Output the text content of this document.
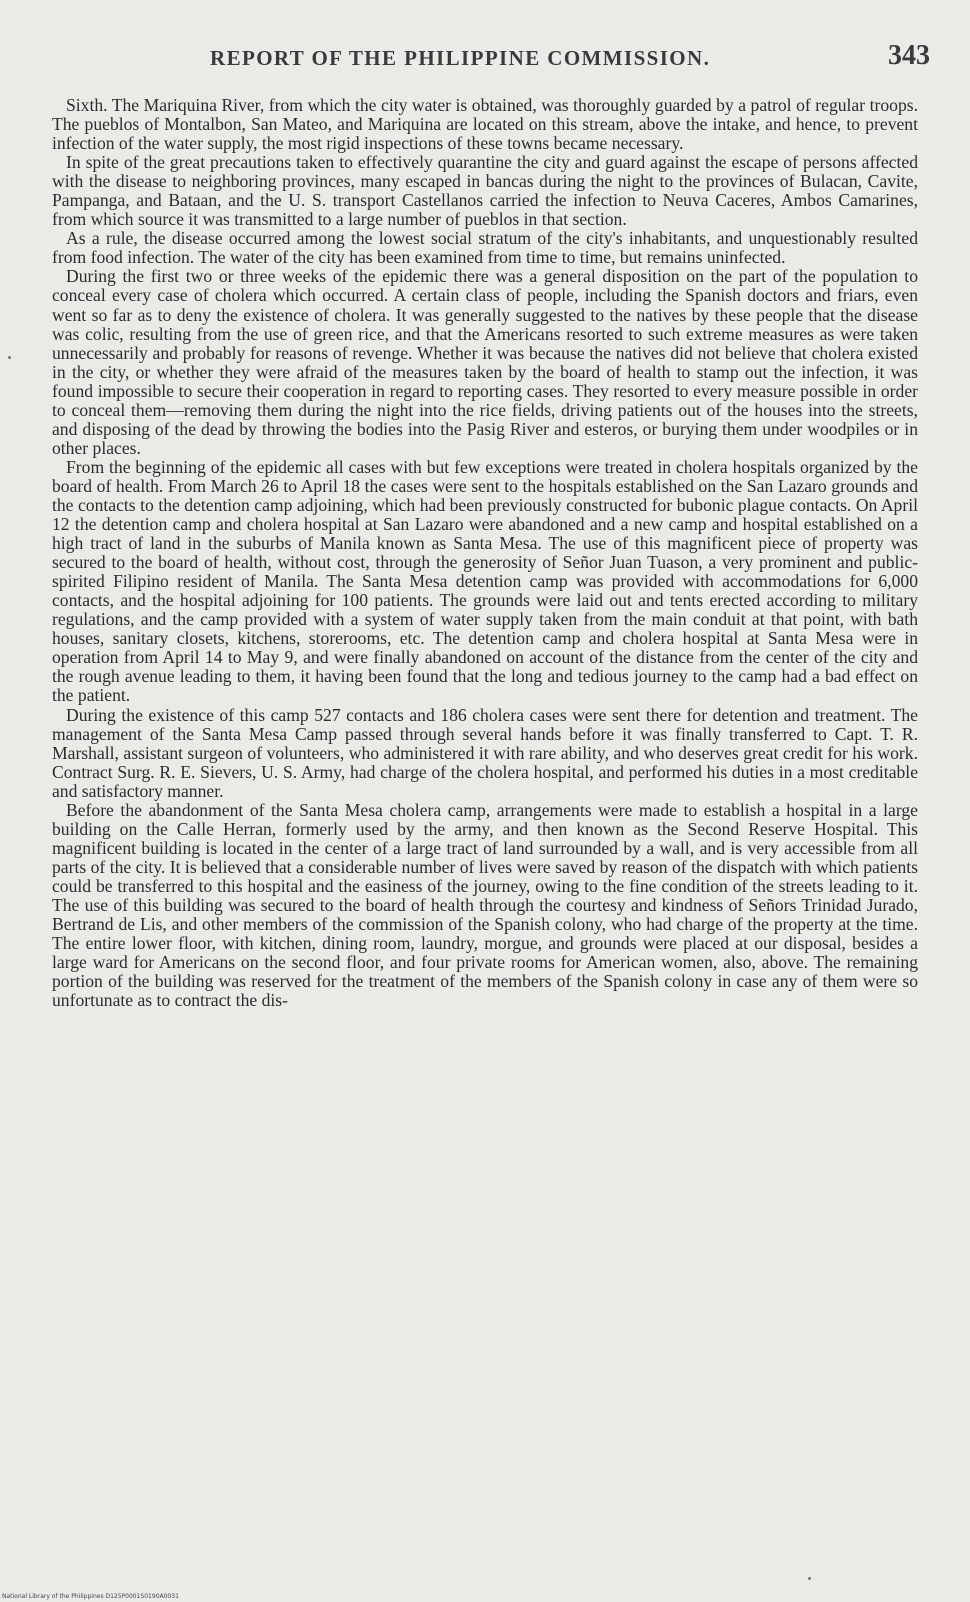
REPORT OF THE PHILIPPINE COMMISSION.	343

Sixth. The Mariquina River, from which the city water is obtained, was thoroughly guarded by a patrol of regular troops. The pueblos of Montalbon, San Mateo, and Mariquina are located on this stream, above the intake, and hence, to prevent infection of the water supply, the most rigid inspections of these towns became necessary.

In spite of the great precautions taken to effectively quarantine the city and guard against the escape of persons affected with the disease to neighboring provinces, many escaped in bancas during the night to the provinces of Bulacan, Cavite, Pampanga, and Bataan, and the U. S. transport Castellanos carried the infection to Neuva Caceres, Ambos Camarines, from which source it was transmitted to a large number of pueblos in that section.

As a rule, the disease occurred among the lowest social stratum of the city's inhabitants, and unquestionably resulted from food infection. The water of the city has been examined from time to time, but remains uninfected.

During the first two or three weeks of the epidemic there was a general disposition on the part of the population to conceal every case of cholera which occurred. A certain class of people, including the Spanish doctors and friars, even went so far as to deny the existence of cholera. It was generally suggested to the natives by these people that the disease was colic, resulting from the use of green rice, and that the Americans resorted to such extreme measures as were taken unnecessarily and probably for reasons of revenge. Whether it was because the natives did not believe that cholera existed in the city, or whether they were afraid of the measures taken by the board of health to stamp out the infection, it was found impossible to secure their cooperation in regard to reporting cases. They resorted to every measure possible in order to conceal them—removing them during the night into the rice fields, driving patients out of the houses into the streets, and disposing of the dead by throwing the bodies into the Pasig River and esteros, or burying them under woodpiles or in other places.

From the beginning of the epidemic all cases with but few exceptions were treated in cholera hospitals organized by the board of health. From March 26 to April 18 the cases were sent to the hospitals established on the San Lazaro grounds and the contacts to the detention camp adjoining, which had been previously constructed for bubonic plague contacts. On April 12 the detention camp and cholera hospital at San Lazaro were abandoned and a new camp and hospital established on a high tract of land in the suburbs of Manila known as Santa Mesa. The use of this magnificent piece of property was secured to the board of health, without cost, through the generosity of Señor Juan Tuason, a very prominent and public-spirited Filipino resident of Manila. The Santa Mesa detention camp was provided with accommodations for 6,000 contacts, and the hospital adjoining for 100 patients. The grounds were laid out and tents erected according to military regulations, and the camp provided with a system of water supply taken from the main conduit at that point, with bath houses, sanitary closets, kitchens, storerooms, etc. The detention camp and cholera hospital at Santa Mesa were in operation from April 14 to May 9, and were finally abandoned on account of the distance from the center of the city and the rough avenue leading to them, it having been found that the long and tedious journey to the camp had a bad effect on the patient.

During the existence of this camp 527 contacts and 186 cholera cases were sent there for detention and treatment. The management of the Santa Mesa Camp passed through several hands before it was finally transferred to Capt. T. R. Marshall, assistant surgeon of volunteers, who administered it with rare ability, and who deserves great credit for his work. Contract Surg. R. E. Sievers, U. S. Army, had charge of the cholera hospital, and performed his duties in a most creditable and satisfactory manner.

Before the abandonment of the Santa Mesa cholera camp, arrangements were made to establish a hospital in a large building on the Calle Herran, formerly used by the army, and then known as the Second Reserve Hospital. This magnificent building is located in the center of a large tract of land surrounded by a wall, and is very accessible from all parts of the city. It is believed that a considerable number of lives were saved by reason of the dispatch with which patients could be transferred to this hospital and the easiness of the journey, owing to the fine condition of the streets leading to it. The use of this building was secured to the board of health through the courtesy and kindness of Señors Trinidad Jurado, Bertrand de Lis, and other members of the commission of the Spanish colony, who had charge of the property at the time. The entire lower floor, with kitchen, dining room, laundry, morgue, and grounds were placed at our disposal, besides a large ward for Americans on the second floor, and four private rooms for American women, also, above. The remaining portion of the building was reserved for the treatment of the members of the Spanish colony in case any of them were so unfortunate as to contract the dis-

National Library of the Philippines D125P0001S0190A0031
